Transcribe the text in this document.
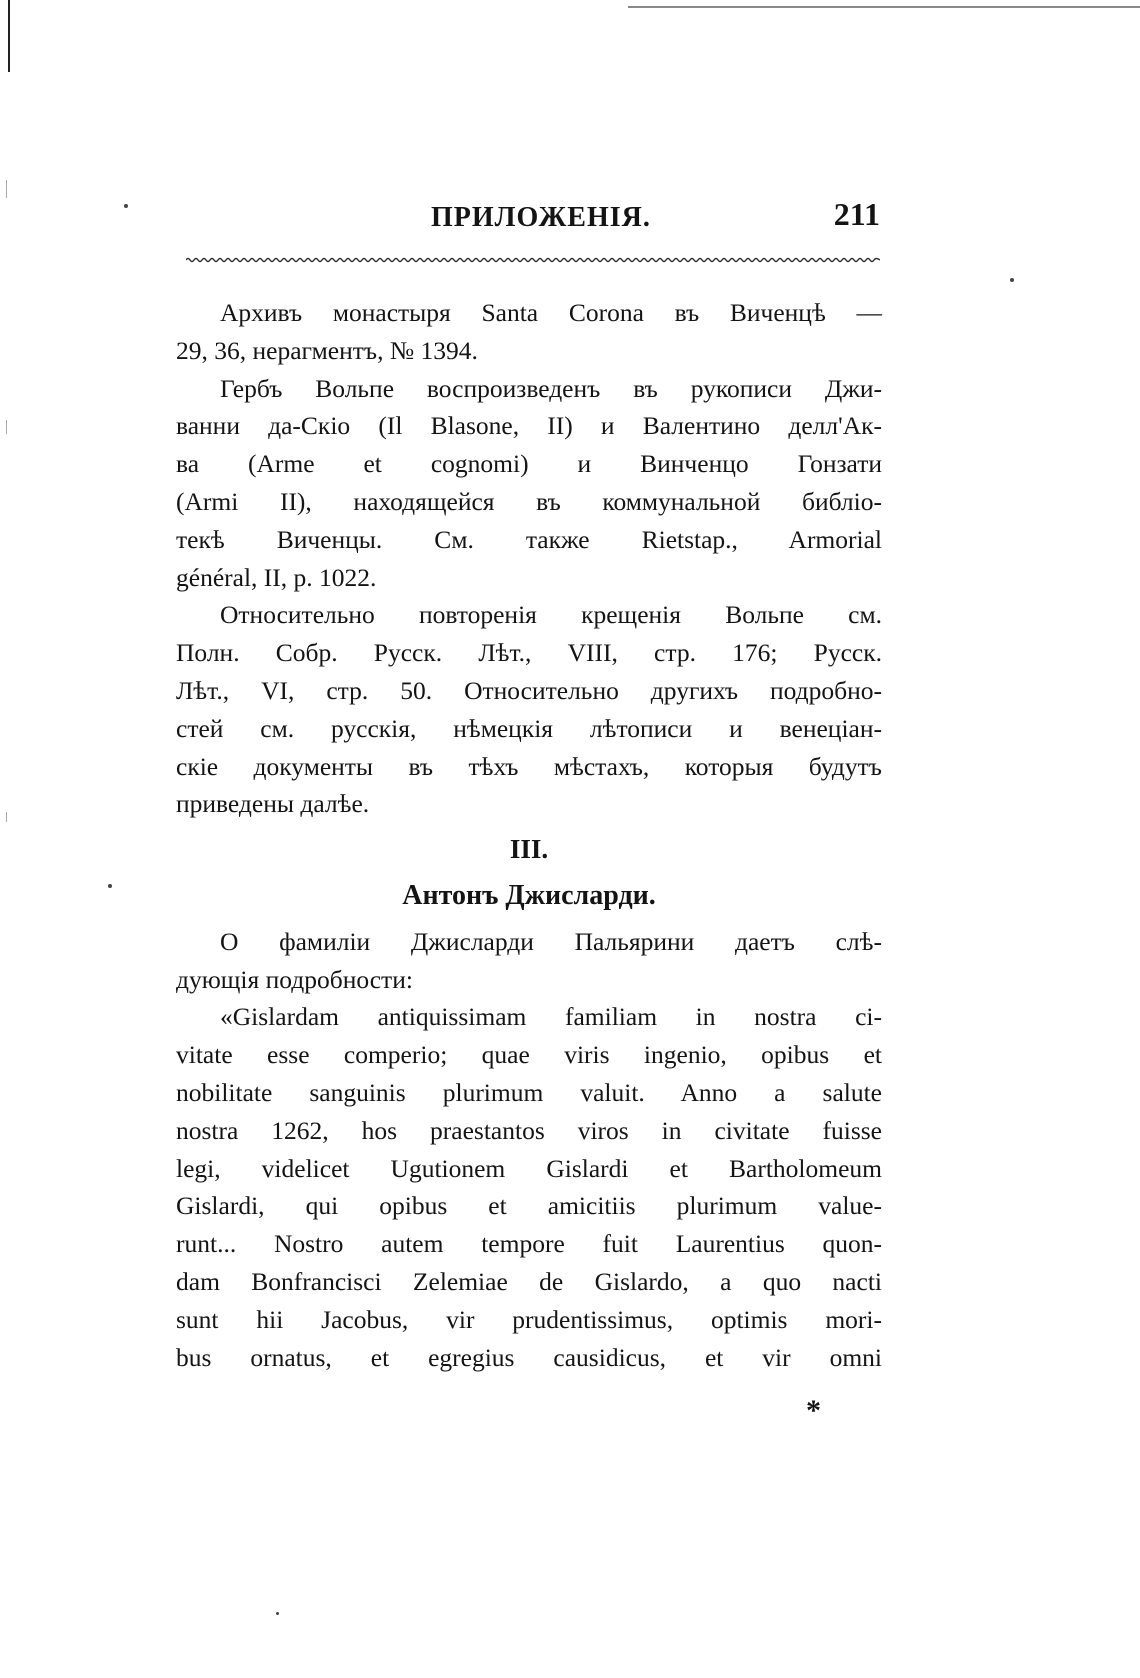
ПРИЛОЖЕНІЯ.	211
Архивъ монастыря Santa Corona въ Виченцѣ —
29, 36, нерагментъ, № 1394.
Гербъ Вольпе воспроизведенъ въ рукописи Джи-
ванни да-Скіо (Il Blasone, II) и Валентино делл'Ак-
ва (Arme et cognomi) и Винченцо Гонзати
(Armi II), находящейся въ коммунальной библіо-
текѣ Виченцы. См. также Rietstap., Armorial
général, II, p. 1022.
Относительно повторенія крещенія Вольпе см.
Полн. Собр. Русск. Лѣт., VIII, стр. 176; Русск.
Лѣт., VI, стр. 50. Относительно другихъ подробно-
стей см. русскія, нѣмецкія лѣтописи и венеціан-
скіе документы въ тѣхъ мѣстахъ, которыя будутъ
приведены далѣе.
III.
Антонъ Джиcларди.
О фамиліи Джиcларди Пальярини даетъ слѣ-
дующія подробности:
«Gislardam antiquissimam familiam in nostra ci-
vitate esse comperio; quae viris ingenio, opibus et
nobilitate sanguinis plurimum valuit. Anno a salute
nostra 1262, hos praestantos viros in civitate fuisse
legi, videlicet Ugutionem Gislardi et Bartholomeum
Gislardi, qui opibus et amicitiis plurimum value-
runt... Nostro autem tempore fuit Laurentius quon-
dam Bonfrancisci Zelemiae de Gislardo, a quo nacti
sunt hii Jacobus, vir prudentissimus, optimis mori-
bus ornatus, et egregius causidicus, et vir omni
*
